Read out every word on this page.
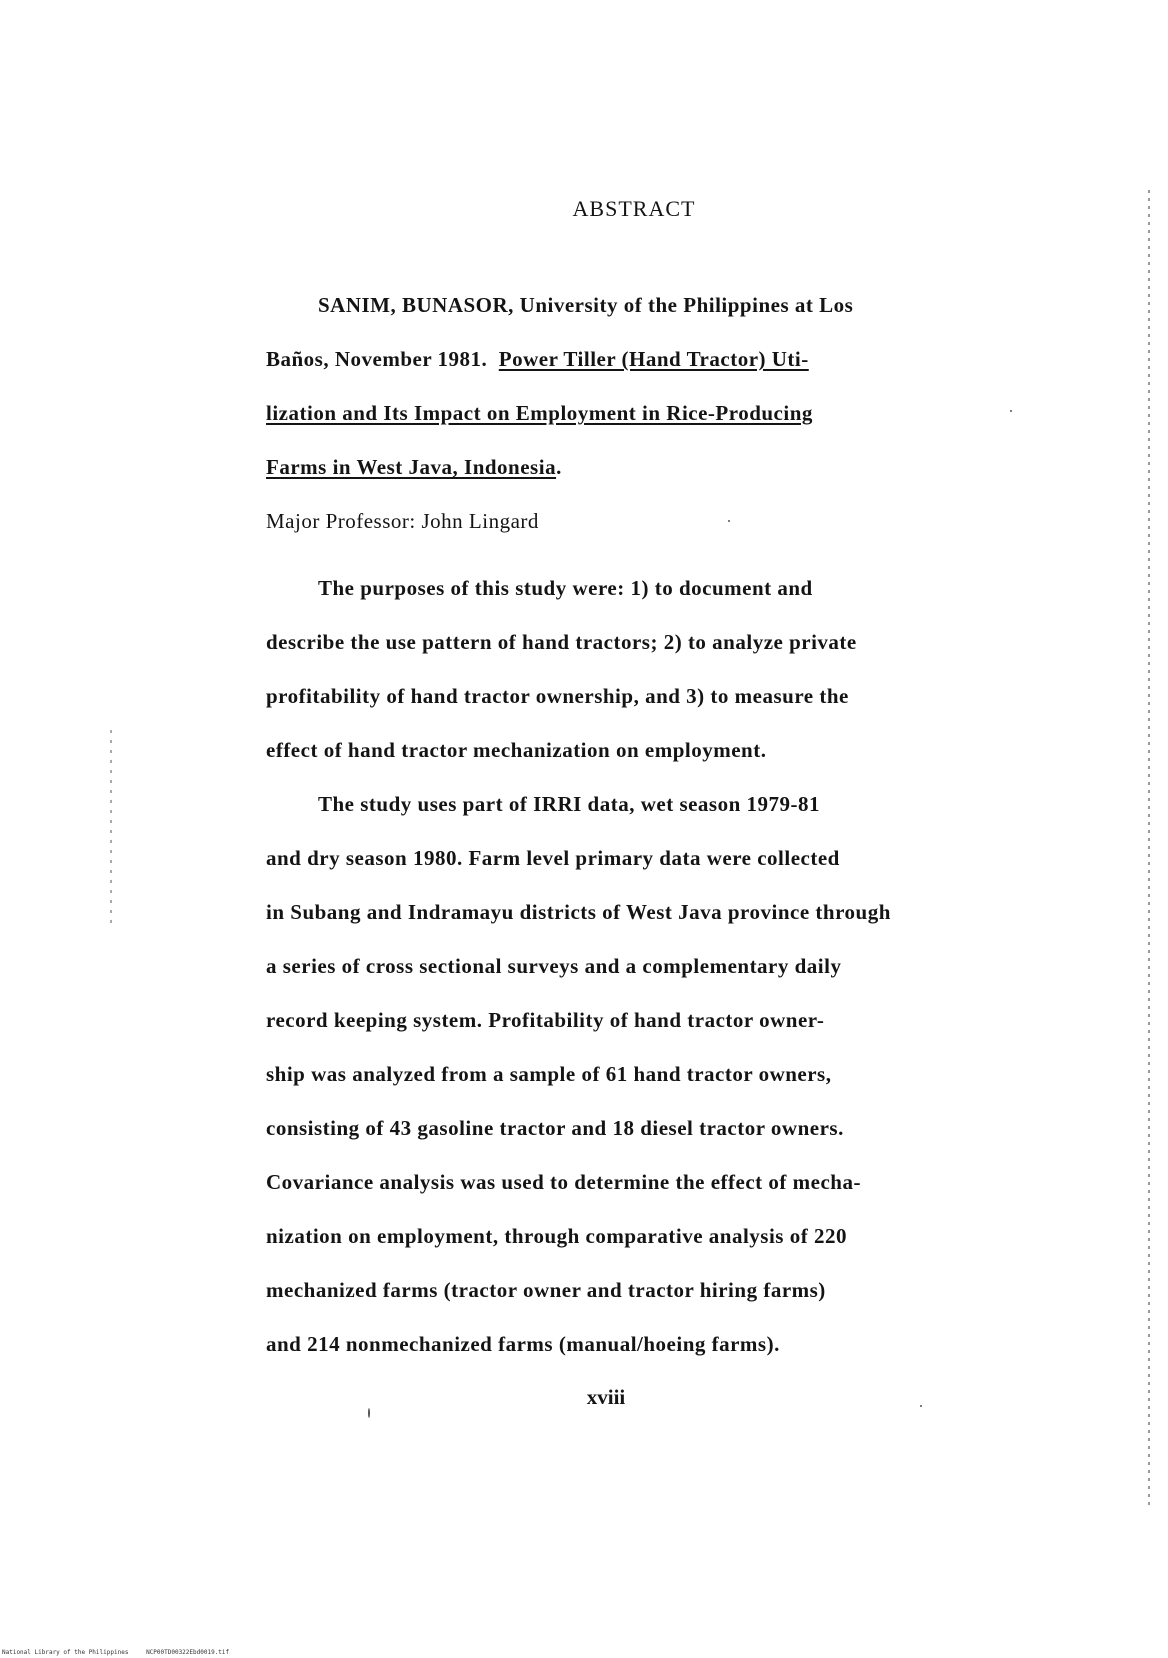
ABSTRACT
SANIM, BUNASOR, University of the Philippines at Los
Baños, November 1981. Power Tiller (Hand Tractor) Uti-
lization and Its Impact on Employment in Rice-Producing
Farms in West Java, Indonesia.
Major Professor: John Lingard
The purposes of this study were: 1) to document and
describe the use pattern of hand tractors; 2) to analyze private
profitability of hand tractor ownership, and 3) to measure the
effect of hand tractor mechanization on employment.
The study uses part of IRRI data, wet season 1979-81
and dry season 1980. Farm level primary data were collected
in Subang and Indramayu districts of West Java province through
a series of cross sectional surveys and a complementary daily
record keeping system. Profitability of hand tractor owner-
ship was analyzed from a sample of 61 hand tractor owners,
consisting of 43 gasoline tractor and 18 diesel tractor owners.
Covariance analysis was used to determine the effect of mecha-
nization on employment, through comparative analysis of 220
mechanized farms (tractor owner and tractor hiring farms)
and 214 nonmechanized farms (manual/hoeing farms).
xviii
National Library of the Philippines	NCP00TD00322Ebd0019.tif
